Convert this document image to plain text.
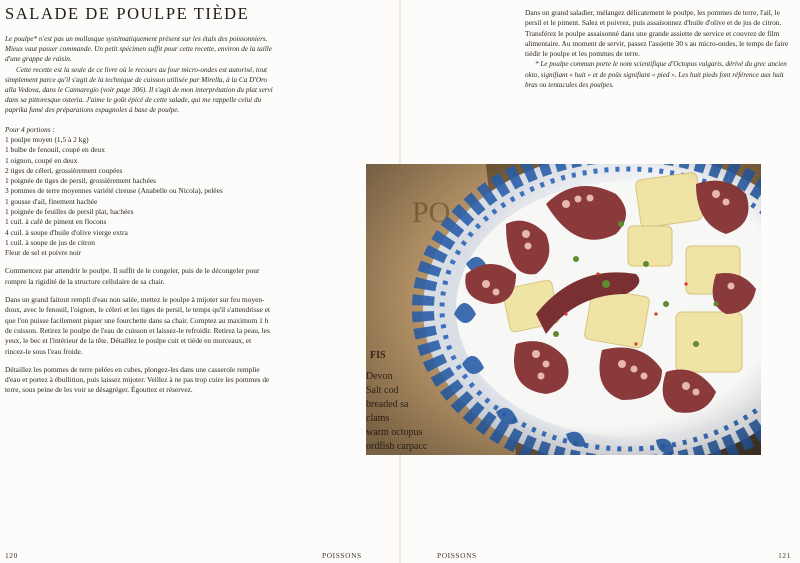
SALADE DE POULPE TIÈDE

Le poulpe* n'est pas un mollusque systématiquement présent sur les étals des poissonniers. Mieux vaut passer commande. Un petit spécimen suffit pour cette recette, environ de la taille d'une grappe de raisin.

Cette recette est la seule de ce livre où le recours au four micro-ondes est autorisé, tout simplement parce qu'il s'agit de la technique de cuisson utilisée par Mirella, à la Ca D'Oro alla Vedova, dans le Cannaregio (voir page 306). Il s'agit de mon interprétation du plat servi dans sa pittoresque osteria. J'aime le goût épicé de cette salade, qui me rappelle celui du paprika fumé des préparations espagnoles à base de poulpe.

Pour 4 portions :

1 poulpe moyen (1,5 à 2 kg)
1 bulbe de fenouil, coupé en deux
1 oignon, coupé en deux
2 tiges de céleri, grossièrement coupées
1 poignée de tiges de persil, grossièrement hachées
3 pommes de terre moyennes variété cireuse (Anabelle ou Nicola), pelées
1 gousse d'ail, finement hachée
1 poignée de feuilles de persil plat, hachées
1 cuil. à café de piment en flocons
4 cuil. à soupe d'huile d'olive vierge extra
1 cuil. à soupe de jus de citron
Fleur de sel et poivre noir

Commencez par attendrir le poulpe. Il suffit de le congeler, puis de le décongeler pour rompre la rigidité de la structure cellulaire de sa chair.

Dans un grand faitout rempli d'eau non salée, mettez le poulpe à mijoter sur feu moyen-doux, avec le fenouil, l'oignon, le céleri et les tiges de persil, le temps qu'il s'attendrisse et que l'on puisse facilement piquer une fourchette dans sa chair. Comptez au maximum 1 h de cuisson. Retirez le poulpe de l'eau de cuisson et laissez-le refroidir. Retirez la peau, les yeux, le bec et l'intérieur de la tête. Détaillez le poulpe cuit et tiède en morceaux, et rincez-le sous l'eau froide.

Détaillez les pommes de terre pelées en cubes, plongez-les dans une casserole remplie d'eau et portez à ébullition, puis laissez mijoter. Veillez à ne pas trop cuire les pommes de terre, sous peine de les voir se désagréger. Égouttez et réservez.

Dans un grand saladier, mélangez délicatement le poulpe, les pommes de terre, l'ail, le persil et le piment. Salez et poivrez, puis assaisonnez d'huile d'olive et de jus de citron.

Transférez le poulpe assaisonné dans une grande assiette de service et couvrez de film alimentaire. Au moment de servir, passez l'assiette 30 s au micro-ondes, le temps de faire tiédir le poulpe et les pommes de terre.

* Le poulpe commun porte le nom scientifique d'Octopus vulgaris, dérivé du grec ancien okto, signifiant « huit » et de poûs signifiant « pied ». Les huit pieds font référence aux huit bras ou tentacules des poulpes.

120	POISSONS	POISSONS	121
